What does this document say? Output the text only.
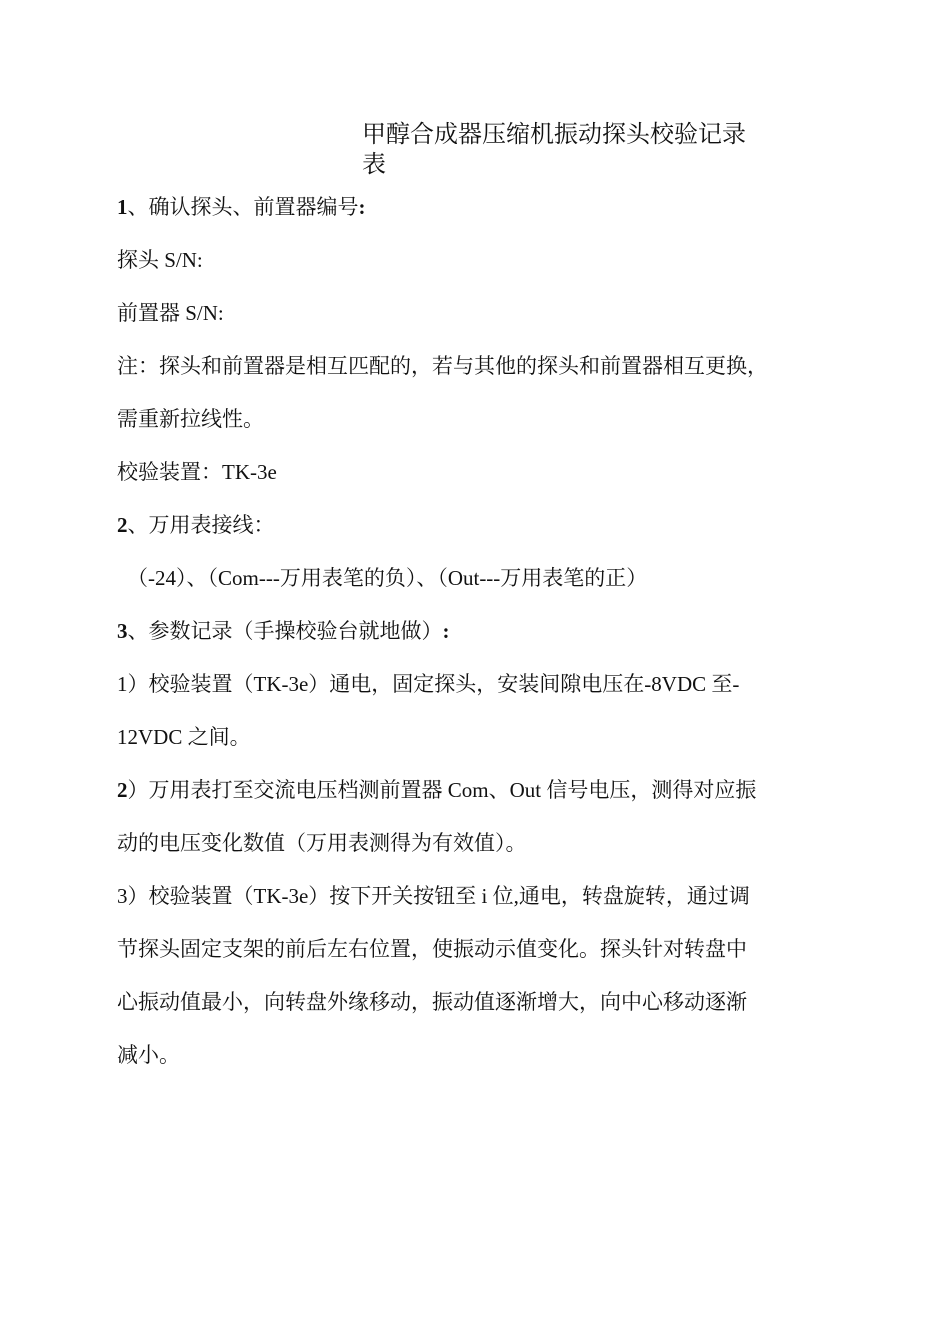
甲醇合成器压缩机振动探头校验记录
表
1、确认探头、前置器编号:
探头 S/N:
前置器 S/N:
注：探头和前置器是相互匹配的，若与其他的探头和前置器相互更换，
需重新拉线性。
校验装置：TK-3e
2、万用表接线：
（-24）、（Com---万用表笔的负）、（Out---万用表笔的正）
3、参数记录（手操校验台就地做）:
1）校验装置（TK-3e）通电，固定探头，安装间隙电压在-8VDC 至-
12VDC 之间。
2）万用表打至交流电压档测前置器 Com、Out 信号电压，测得对应振
动的电压变化数值（万用表测得为有效值）。
3）校验装置（TK-3e）按下开关按钮至 i 位,通电，转盘旋转，通过调
节探头固定支架的前后左右位置，使振动示值变化。探头针对转盘中
心振动值最小，向转盘外缘移动，振动值逐渐增大，向中心移动逐渐
减小。
